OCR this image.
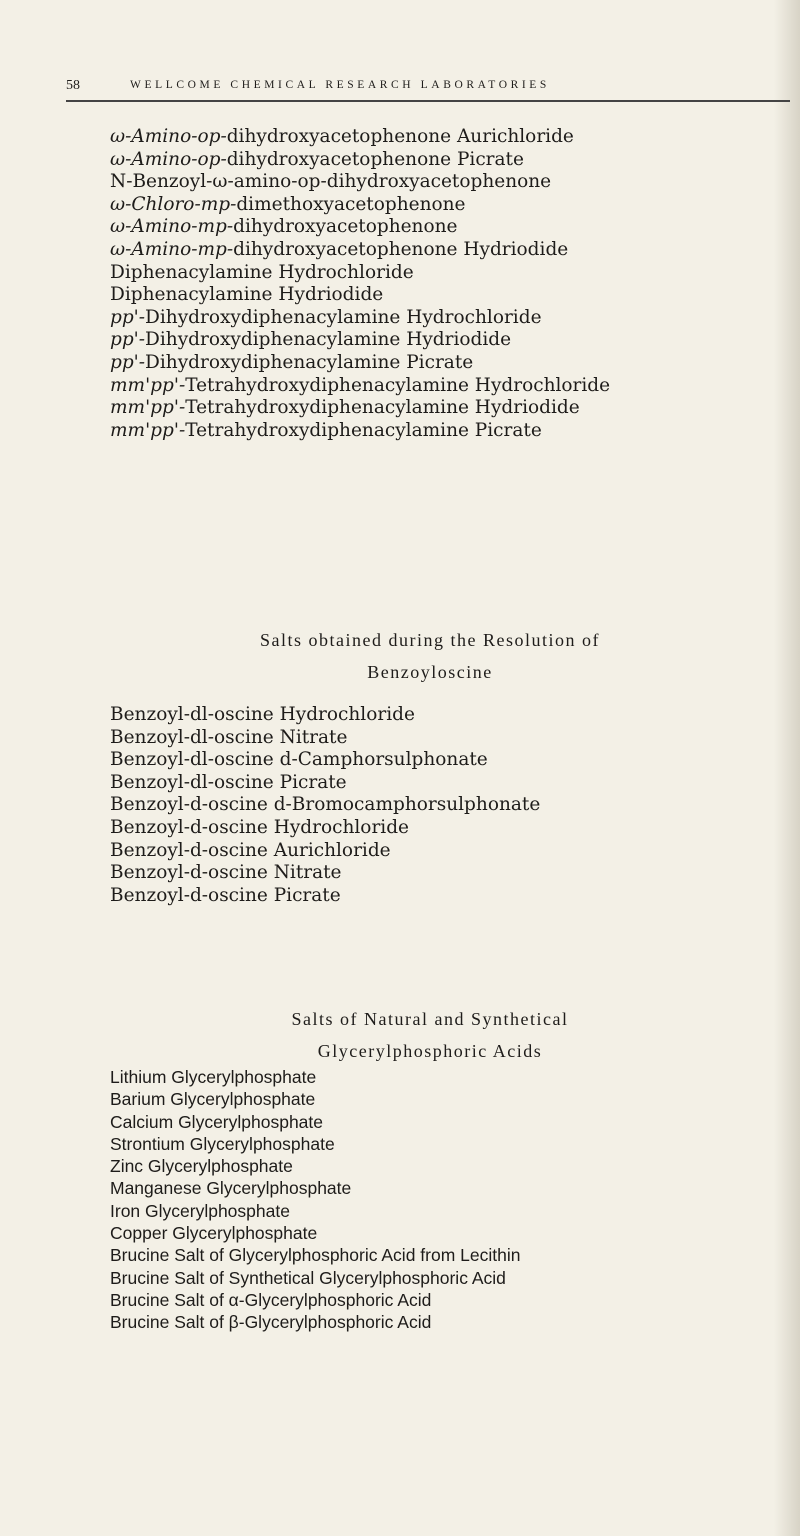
58	WELLCOME CHEMICAL RESEARCH LABORATORIES
ω-Amino-op-dihydroxyacetophenone Aurichloride
ω-Amino-op-dihydroxyacetophenone Picrate
N-Benzoyl-ω-amino-op-dihydroxyacetophenone
ω-Chloro-mp-dimethoxyacetophenone
ω-Amino-mp-dihydroxyacetophenone
ω-Amino-mp-dihydroxyacetophenone Hydriodide
Diphenacylamine Hydrochloride
Diphenacylamine Hydriodide
pp'-Dihydroxydiphenacylamine Hydrochloride
pp'-Dihydroxydiphenacylamine Hydriodide
pp'-Dihydroxydiphenacylamine Picrate
mm'pp'-Tetrahydroxydiphenacylamine Hydrochloride
mm'pp'-Tetrahydroxydiphenacylamine Hydriodide
mm'pp'-Tetrahydroxydiphenacylamine Picrate
Salts obtained during the Resolution of
Benzoyloscine
Benzoyl-dl-oscine Hydrochloride
Benzoyl-dl-oscine Nitrate
Benzoyl-dl-oscine d-Camphorsulphonate
Benzoyl-dl-oscine Picrate
Benzoyl-d-oscine d-Bromocamphorsulphonate
Benzoyl-d-oscine Hydrochloride
Benzoyl-d-oscine Aurichloride
Benzoyl-d-oscine Nitrate
Benzoyl-d-oscine Picrate
Salts of Natural and Synthetical
Glycerylphosphoric Acids
Lithium Glycerylphosphate
Barium Glycerylphosphate
Calcium Glycerylphosphate
Strontium Glycerylphosphate
Zinc Glycerylphosphate
Manganese Glycerylphosphate
Iron Glycerylphosphate
Copper Glycerylphosphate
Brucine Salt of Glycerylphosphoric Acid from Lecithin
Brucine Salt of Synthetical Glycerylphosphoric Acid
Brucine Salt of α-Glycerylphosphoric Acid
Brucine Salt of β-Glycerylphosphoric Acid
